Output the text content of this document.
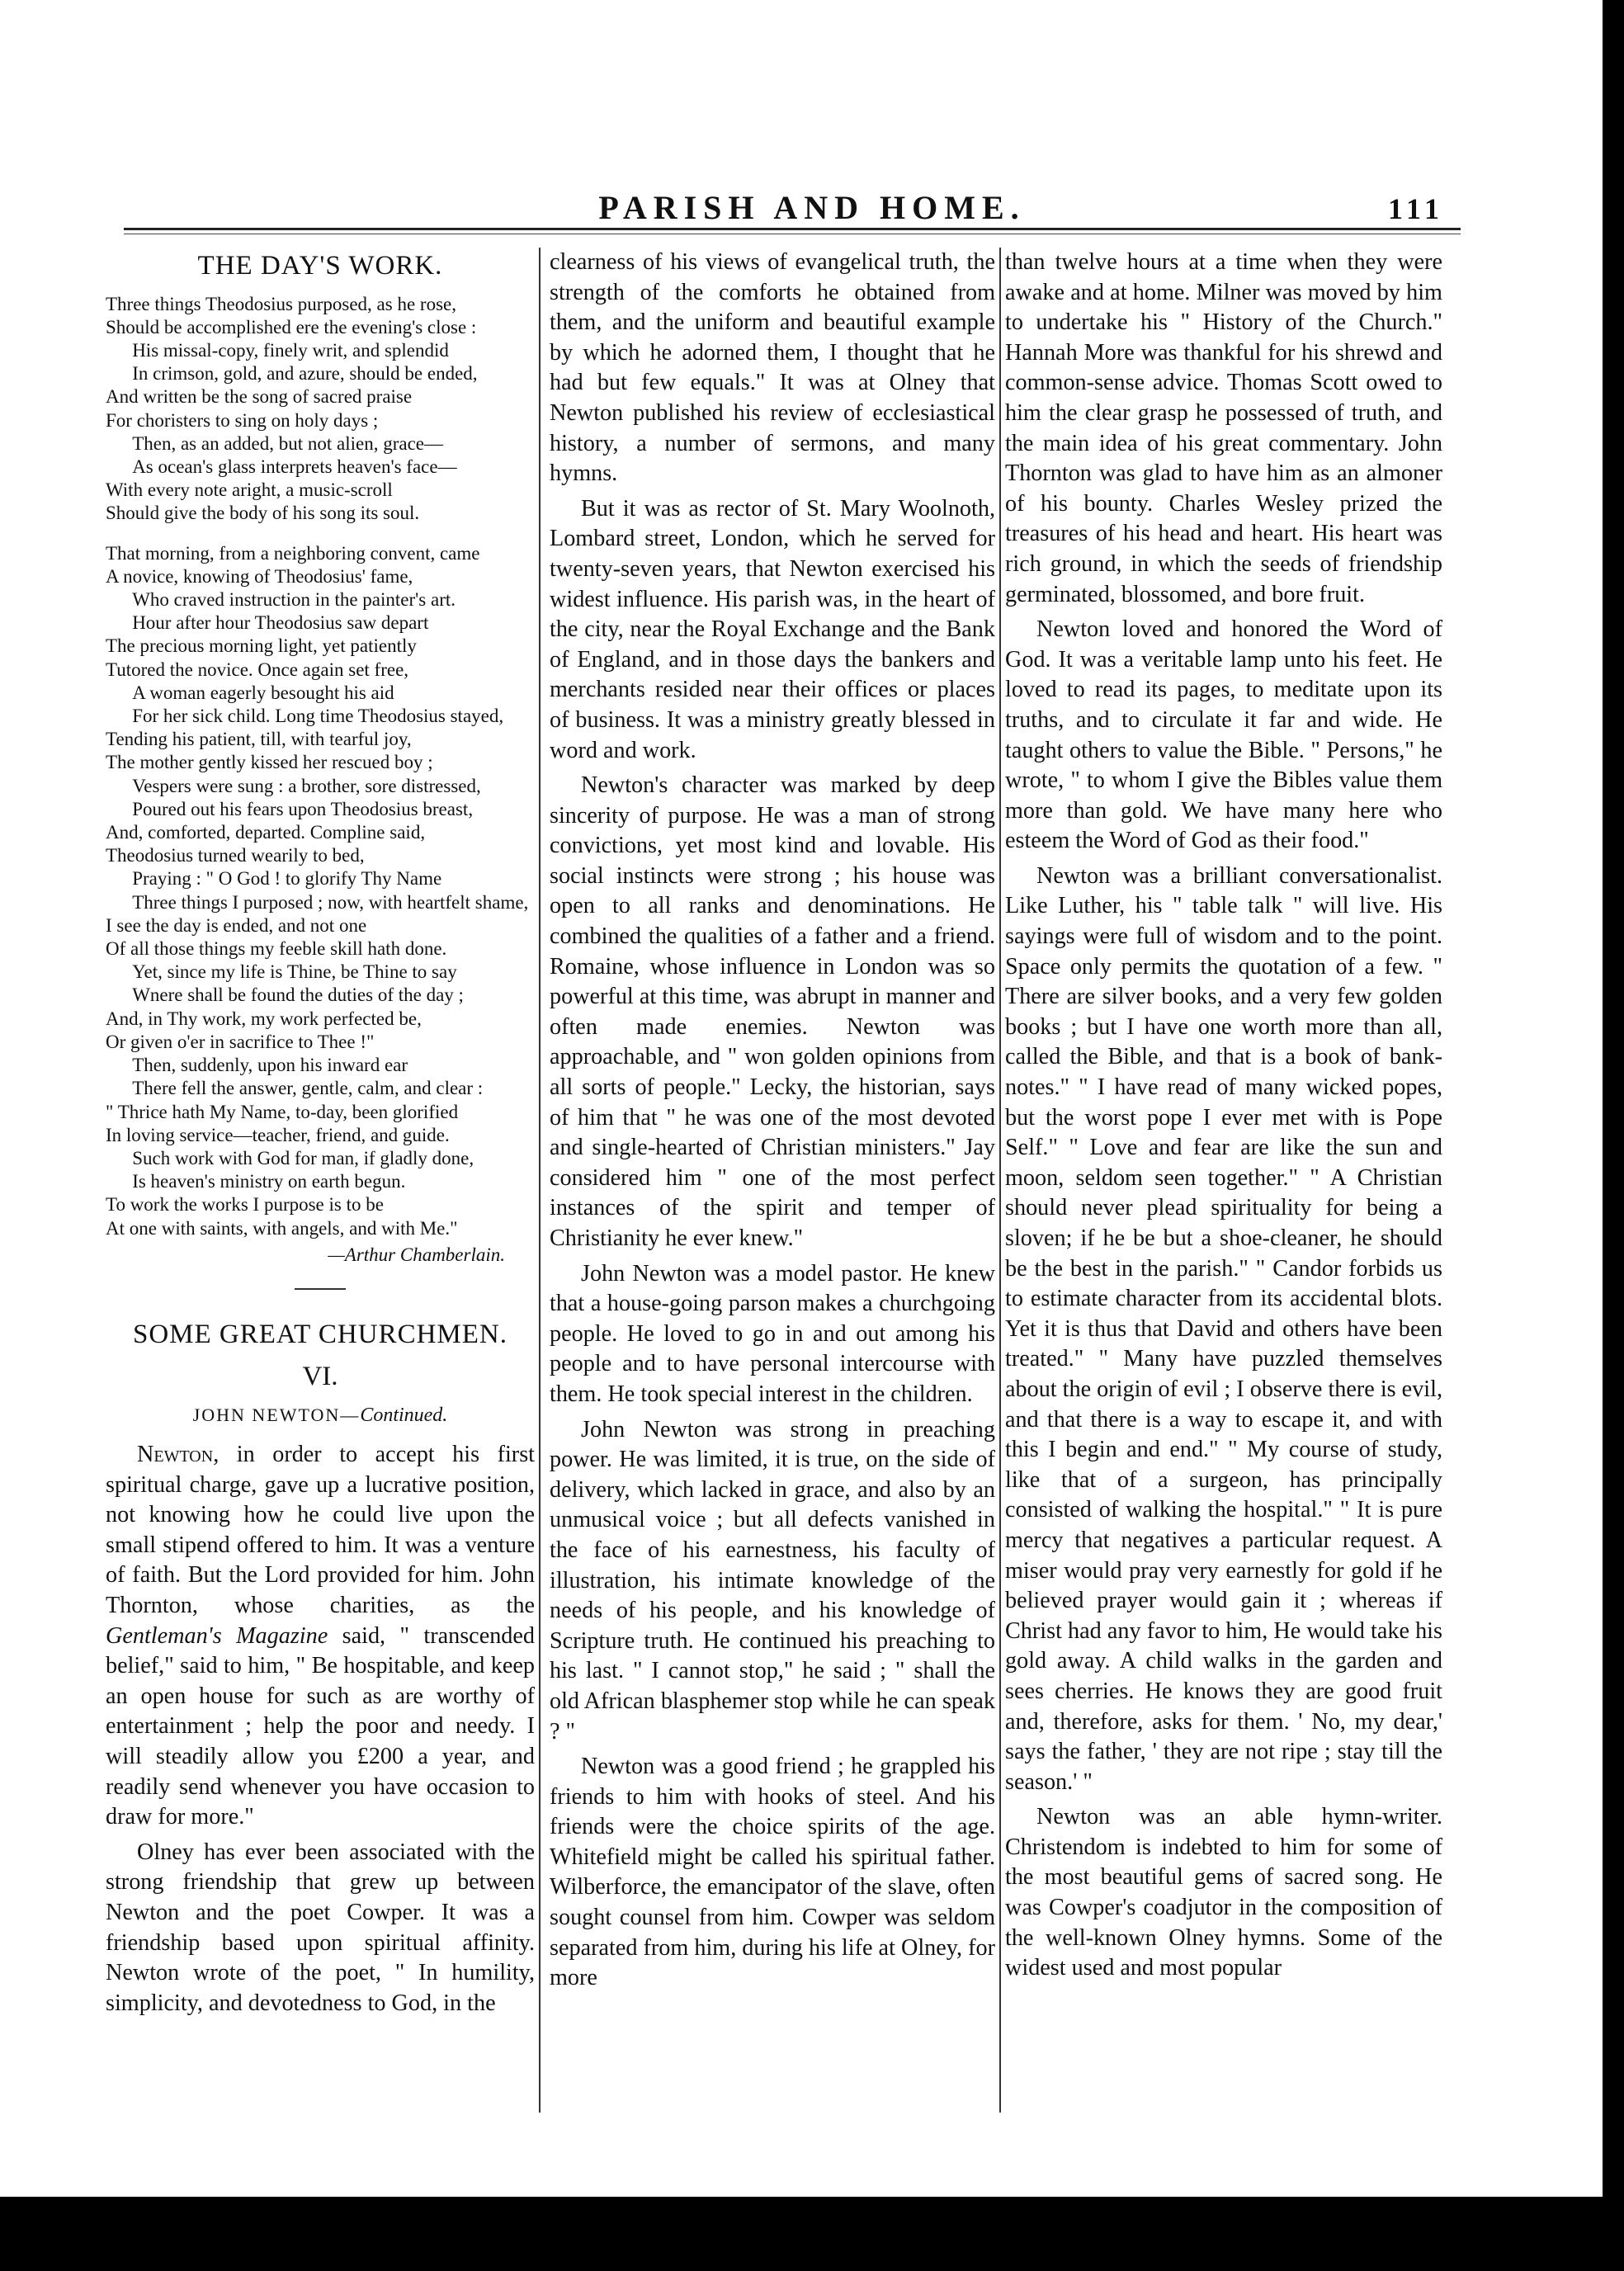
PARISH AND HOME.	111
THE DAY'S WORK.
Three things Theodosius purposed, as he rose,
Should be accomplished ere the evening's close :
His missal-copy, finely writ, and splendid
In crimson, gold, and azure, should be ended,
And written be the song of sacred praise
For choristers to sing on holy days ;
Then, as an added, but not alien, grace—
As ocean's glass interprets heaven's face—
With every note aright, a music-scroll
Should give the body of his song its soul.
That morning, from a neighboring convent, came
A novice, knowing of Theodosius' fame,
Who craved instruction in the painter's art.
Hour after hour Theodosius saw depart
The precious morning light, yet patiently
Tutored the novice. Once again set free,
A woman eagerly besought his aid
For her sick child. Long time Theodosius stayed,
Tending his patient, till, with tearful joy,
The mother gently kissed her rescued boy ;
Vespers were sung : a brother, sore distressed,
Poured out his fears upon Theodosius breast,
And, comforted, departed. Compline said,
Theodosius turned wearily to bed,
Praying : " O God ! to glorify Thy Name
Three things I purposed ; now, with heartfelt shame,
I see the day is ended, and not one
Of all those things my feeble skill hath done.
Yet, since my life is Thine, be Thine to say
Wnere shall be found the duties of the day ;
And, in Thy work, my work perfected be,
Or given o'er in sacrifice to Thee !"
Then, suddenly, upon his inward ear
There fell the answer, gentle, calm, and clear :
" Thrice hath My Name, to-day, been glorified
In loving service—teacher, friend, and guide.
Such work with God for man, if gladly done,
Is heaven's ministry on earth begun.
To work the works I purpose is to be
At one with saints, with angels, and with Me."
—Arthur Chamberlain.
SOME GREAT CHURCHMEN.
VI.
JOHN NEWTON—Continued.

Newton, in order to accept his first spiritual charge, gave up a lucrative position, not knowing how he could live upon the small stipend offered to him. It was a venture of faith. But the Lord provided for him. John Thornton, whose charities, as the Gentleman's Magazine said, " transcended belief," said to him, " Be hospitable, and keep an open house for such as are worthy of entertainment ; help the poor and needy. I will steadily allow you £200 a year, and readily send whenever you have occasion to draw for more."

Olney has ever been associated with the strong friendship that grew up between Newton and the poet Cowper. It was a friendship based upon spiritual affinity. Newton wrote of the poet, " In humility, simplicity, and devotedness to God, in the

clearness of his views of evangelical truth, the strength of the comforts he obtained from them, and the uniform and beautiful example by which he adorned them, I thought that he had but few equals." It was at Olney that Newton published his review of ecclesiastical history, a number of sermons, and many hymns.

But it was as rector of St. Mary Woolnoth, Lombard street, London, which he served for twenty-seven years, that Newton exercised his widest influence. His parish was, in the heart of the city, near the Royal Exchange and the Bank of England, and in those days the bankers and merchants resided near their offices or places of business. It was a ministry greatly blessed in word and work.

Newton's character was marked by deep sincerity of purpose. He was a man of strong convictions, yet most kind and lovable. His social instincts were strong ; his house was open to all ranks and denominations. He combined the qualities of a father and a friend. Romaine, whose influence in London was so powerful at this time, was abrupt in manner and often made enemies. Newton was approachable, and " won golden opinions from all sorts of people." Lecky, the historian, says of him that " he was one of the most devoted and single-hearted of Christian ministers." Jay considered him " one of the most perfect instances of the spirit and temper of Christianity he ever knew."

John Newton was a model pastor. He knew that a house-going parson makes a churchgoing people. He loved to go in and out among his people and to have personal intercourse with them. He took special interest in the children.

John Newton was strong in preaching power. He was limited, it is true, on the side of delivery, which lacked in grace, and also by an unmusical voice ; but all defects vanished in the face of his earnestness, his faculty of illustration, his intimate knowledge of the needs of his people, and his knowledge of Scripture truth. He continued his preaching to his last. " I cannot stop," he said ; " shall the old African blasphemer stop while he can speak ? "

Newton was a good friend ; he grappled his friends to him with hooks of steel. And his friends were the choice spirits of the age. Whitefield might be called his spiritual father. Wilberforce, the emancipator of the slave, often sought counsel from him. Cowper was seldom separated from him, during his life at Olney, for more

than twelve hours at a time when they were awake and at home. Milner was moved by him to undertake his " History of the Church." Hannah More was thankful for his shrewd and common-sense advice. Thomas Scott owed to him the clear grasp he possessed of truth, and the main idea of his great commentary. John Thornton was glad to have him as an almoner of his bounty. Charles Wesley prized the treasures of his head and heart. His heart was rich ground, in which the seeds of friendship germinated, blossomed, and bore fruit.

Newton loved and honored the Word of God. It was a veritable lamp unto his feet. He loved to read its pages, to meditate upon its truths, and to circulate it far and wide. He taught others to value the Bible. " Persons," he wrote, " to whom I give the Bibles value them more than gold. We have many here who esteem the Word of God as their food."

Newton was a brilliant conversationalist. Like Luther, his " table talk " will live. His sayings were full of wisdom and to the point. Space only permits the quotation of a few. " There are silver books, and a very few golden books ; but I have one worth more than all, called the Bible, and that is a book of bank-notes." " I have read of many wicked popes, but the worst pope I ever met with is Pope Self." " Love and fear are like the sun and moon, seldom seen together." " A Christian should never plead spirituality for being a sloven; if he be but a shoe-cleaner, he should be the best in the parish." " Candor forbids us to estimate character from its accidental blots. Yet it is thus that David and others have been treated." " Many have puzzled themselves about the origin of evil ; I observe there is evil, and that there is a way to escape it, and with this I begin and end." " My course of study, like that of a surgeon, has principally consisted of walking the hospital." " It is pure mercy that negatives a particular request. A miser would pray very earnestly for gold if he believed prayer would gain it ; whereas if Christ had any favor to him, He would take his gold away. A child walks in the garden and sees cherries. He knows they are good fruit and, therefore, asks for them. ' No, my dear,' says the father, ' they are not ripe ; stay till the season.' "

Newton was an able hymn-writer. Christendom is indebted to him for some of the most beautiful gems of sacred song. He was Cowper's coadjutor in the composition of the well-known Olney hymns. Some of the widest used and most popular
